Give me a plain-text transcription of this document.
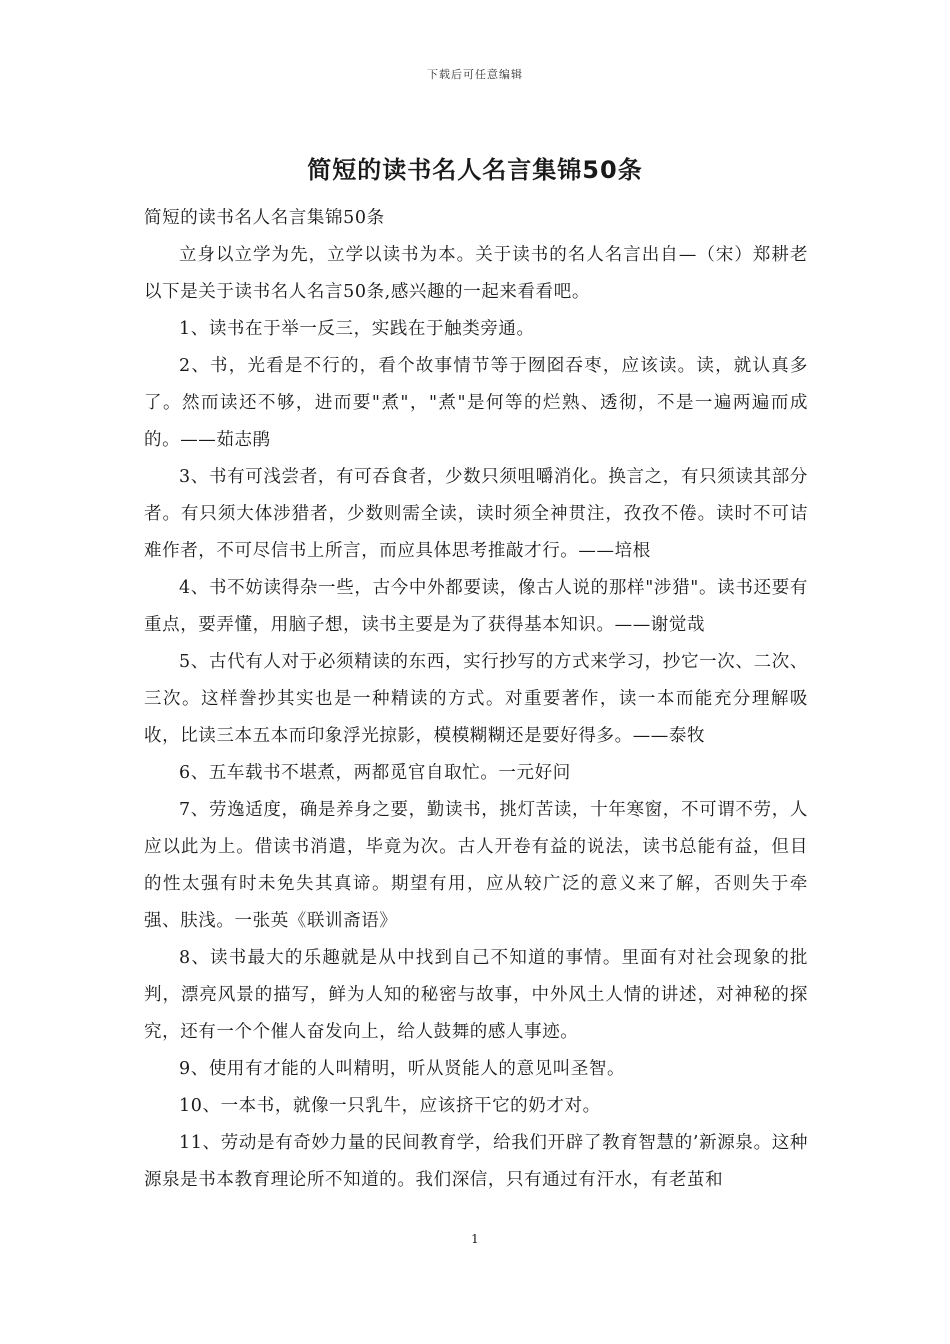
下载后可任意编辑
简短的读书名人名言集锦50条

简短的读书名人名言集锦50条

立身以立学为先，立学以读书为本。关于读书的名人名言出自—（宋）郑耕老以下是关于读书名人名言50条,感兴趣的一起来看看吧。

1、读书在于举一反三，实践在于触类旁通。

2、书，光看是不行的，看个故事情节等于囫囵吞枣，应该读。读，就认真多了。然而读还不够，进而要"煮"，"煮"是何等的烂熟、透彻，不是一遍两遍而成的。——茹志鹃

3、书有可浅尝者，有可吞食者，少数只须咀嚼消化。换言之，有只须读其部分者。有只须大体涉猎者，少数则需全读，读时须全神贯注，孜孜不倦。读时不可诘难作者，不可尽信书上所言，而应具体思考推敲才行。——培根

4、书不妨读得杂一些，古今中外都要读，像古人说的那样"涉猎"。读书还要有重点，要弄懂，用脑子想，读书主要是为了获得基本知识。——谢觉哉

5、古代有人对于必须精读的东西，实行抄写的方式来学习，抄它一次、二次、三次。这样誊抄其实也是一种精读的方式。对重要著作，读一本而能充分理解吸收，比读三本五本而印象浮光掠影，模模糊糊还是要好得多。——泰牧

6、五车载书不堪煮，两都觅官自取忙。一元好问

7、劳逸适度，确是养身之要，勤读书，挑灯苦读，十年寒窗，不可谓不劳，人应以此为上。借读书消遣，毕竟为次。古人开卷有益的说法，读书总能有益，但目的性太强有时未免失其真谛。期望有用，应从较广泛的意义来了解，否则失于牵强、肤浅。一张英《联训斋语》

8、读书最大的乐趣就是从中找到自己不知道的事情。里面有对社会现象的批判，漂亮风景的描写，鲜为人知的秘密与故事，中外风土人情的讲述，对神秘的探究，还有一个个催人奋发向上，给人鼓舞的感人事迹。

9、使用有才能的人叫精明，听从贤能人的意见叫圣智。

10、一本书，就像一只乳牛，应该挤干它的奶才对。

11、劳动是有奇妙力量的民间教育学，给我们开辟了教育智慧的’新源泉。这种源泉是书本教育理论所不知道的。我们深信，只有通过有汗水，有老茧和

1
